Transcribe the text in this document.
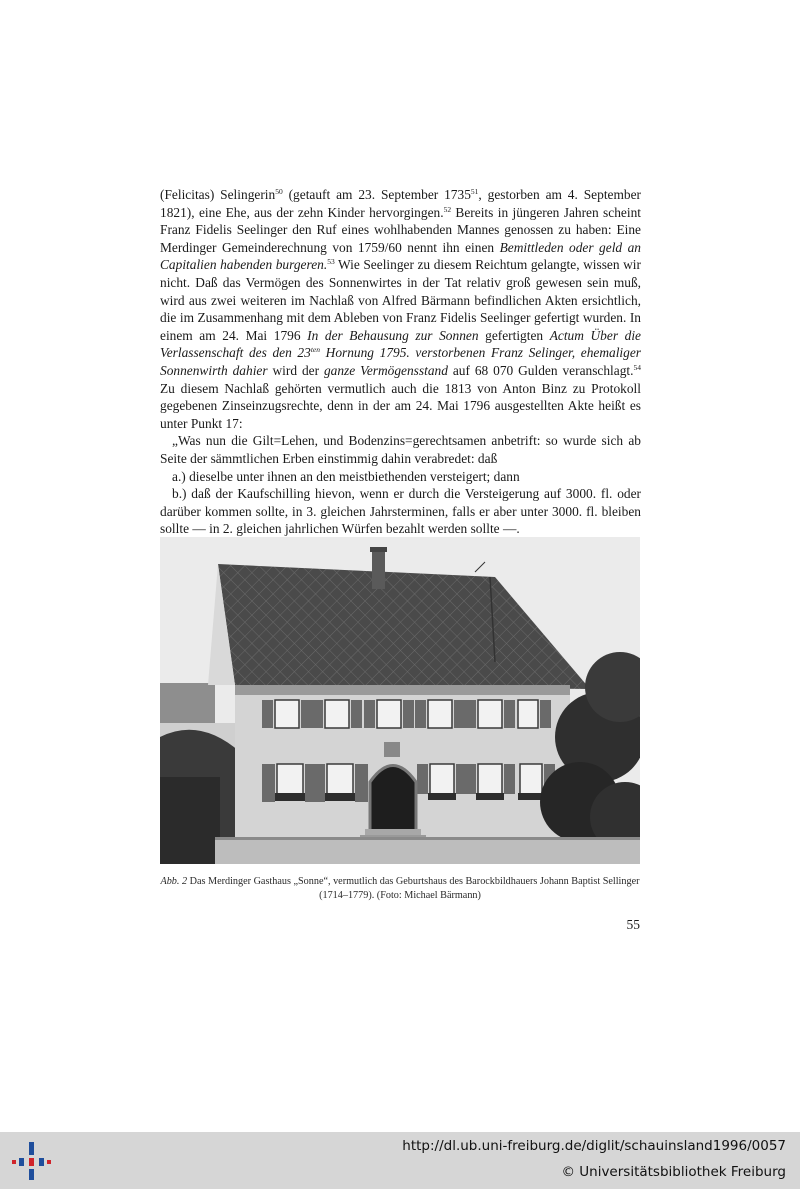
(Felicitas) Selingerin$^{50}$ (getauft am 23. September 1735$^{51}$, gestorben am 4. September 1821), eine Ehe, aus der zehn Kinder hervorgingen.$^{52}$ Bereits in jüngeren Jahren scheint Franz Fidelis Seelinger den Ruf eines wohlhabenden Mannes genossen zu haben: Eine Merdinger Gemeinderechnung von 1759/60 nennt ihn einen Bemittleden oder geld an Capitalien habenden burgeren.$^{53}$ Wie Seelinger zu diesem Reichtum gelangte, wissen wir nicht. Daß das Vermögen des Sonnenwirtes in der Tat relativ groß gewesen sein muß, wird aus zwei weiteren im Nachlaß von Alfred Bärmann befindlichen Akten ersichtlich, die im Zusammenhang mit dem Ableben von Franz Fidelis Seelinger gefertigt wurden. In einem am 24. Mai 1796 In der Behausung zur Sonnen gefertigten Actum Über die Verlassenschaft des den $23^{ten}$ Hornung 1795. verstorbenen Franz Selinger, ehemaliger Sonnenwirth dahier wird der ganze Vermögensstand auf 68 070 Gulden veranschlagt.$^{54}$ Zu diesem Nachlaß gehörten vermutlich auch die 1813 von Anton Binz zu Protokoll gegebenen Zinseinzugsrechte, denn in der am 24. Mai 1796 ausgestellten Akte heißt es unter Punkt 17:

„Was nun die Gilt=Lehen, und Bodenzins=gerechtsamen anbetrift: so wurde sich ab Seite der sämmtlichen Erben einstimmig dahin verabredet: daß

a.) dieselbe unter ihnen an den meistbiethenden versteigert; dann

b.) daß der Kaufschilling hievon, wenn er durch die Versteigerung auf 3000. fl. oder darüber kommen sollte, in 3. gleichen Jahrsterminen, falls er aber unter 3000. fl. bleiben sollte — in 2. gleichen jahrlichen Würfen bezahlt werden sollte —.

Abb. 2 Das Merdinger Gasthaus „Sonne“, vermutlich das Geburtshaus des Barockbildhauers Johann Baptist Sellinger (1714–1779). (Foto: Michael Bärmann)
55
http://dl.ub.uni-freiburg.de/diglit/schauinsland1996/0057
© Universitätsbibliothek Freiburg
